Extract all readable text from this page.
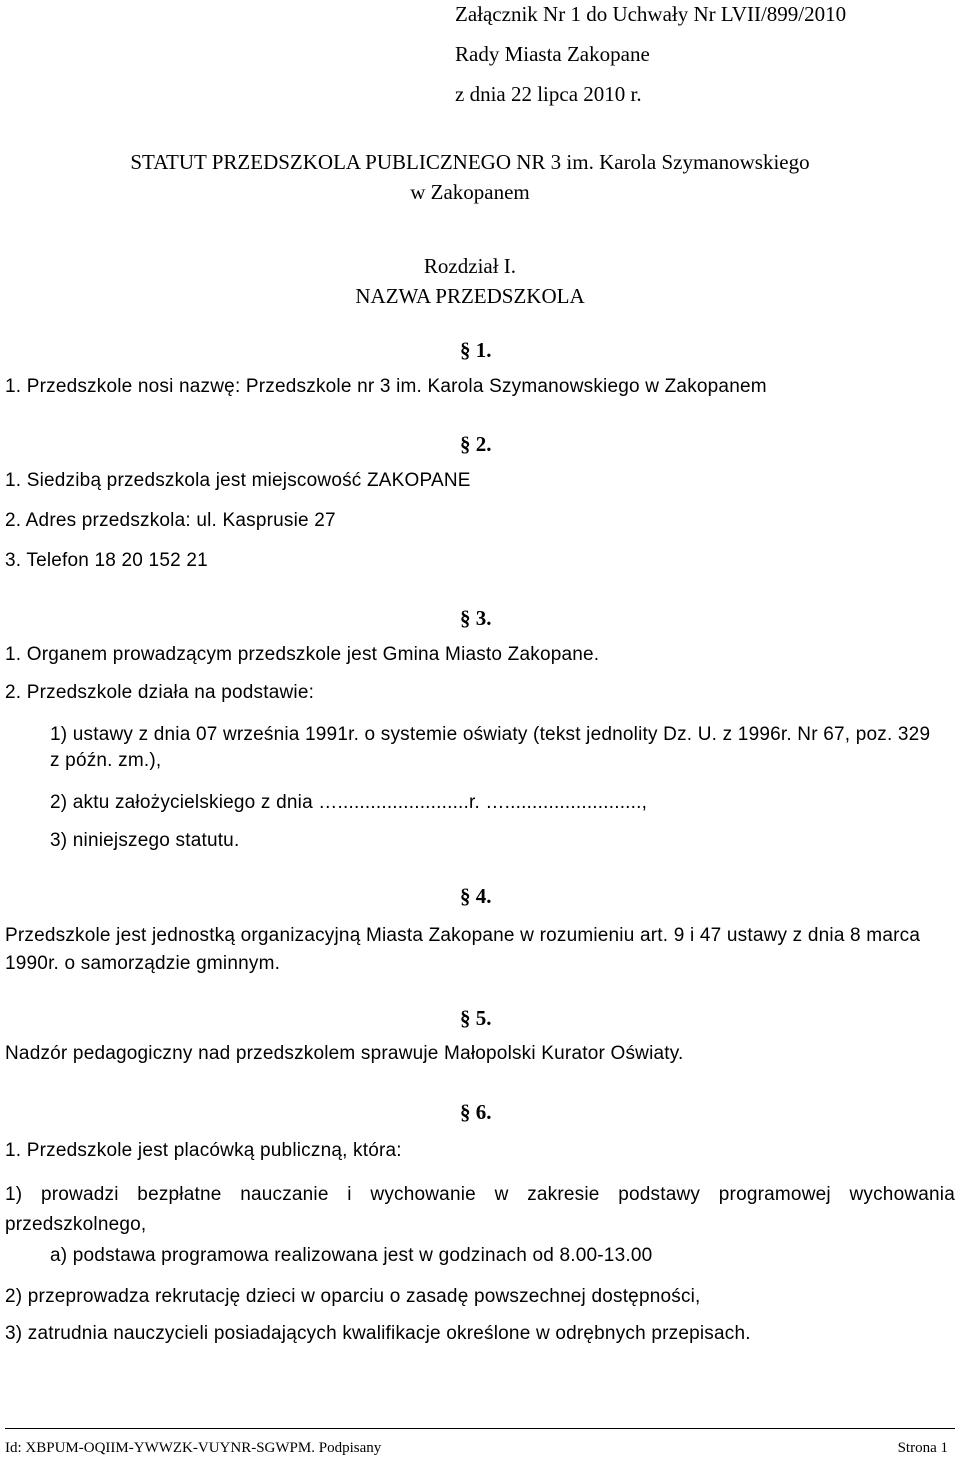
Załącznik Nr 1 do Uchwały Nr LVII/899/2010
Rady Miasta Zakopane
z dnia 22 lipca 2010 r.
STATUT PRZEDSZKOLA PUBLICZNEGO NR 3 im. Karola Szymanowskiego
w Zakopanem
Rozdział I.
NAZWA PRZEDSZKOLA
§ 1.
1. Przedszkole nosi nazwę: Przedszkole nr 3 im. Karola Szymanowskiego w Zakopanem
§ 2.
1. Siedzibą przedszkola jest miejscowość ZAKOPANE
2. Adres przedszkola: ul. Kasprusie 27
3. Telefon 18 20 152 21
§ 3.
1. Organem prowadzącym przedszkole jest Gmina Miasto Zakopane.
2. Przedszkole działa na podstawie:
1) ustawy z dnia 07 września 1991r. o systemie oświaty (tekst jednolity Dz. U. z 1996r. Nr 67, poz. 329 z późn. zm.),
2) aktu założycielskiego z dnia …........................r. ….........................,
3) niniejszego statutu.
§ 4.
Przedszkole jest jednostką organizacyjną Miasta Zakopane w rozumieniu art. 9 i 47 ustawy z dnia 8 marca 1990r. o samorządzie gminnym.
§ 5.
Nadzór pedagogiczny nad przedszkolem sprawuje Małopolski Kurator Oświaty.
§ 6.
1. Przedszkole jest placówką publiczną, która:
1) prowadzi bezpłatne nauczanie i wychowanie w zakresie podstawy programowej wychowania przedszkolnego,
a) podstawa programowa realizowana jest w godzinach od 8.00-13.00
2) przeprowadza rekrutację dzieci w oparciu o zasadę powszechnej dostępności,
3) zatrudnia nauczycieli posiadających kwalifikacje określone w odrębnych przepisach.
Id: XBPUM-OQIIM-YWWZK-VUYNR-SGWPM. Podpisany	Strona 1
